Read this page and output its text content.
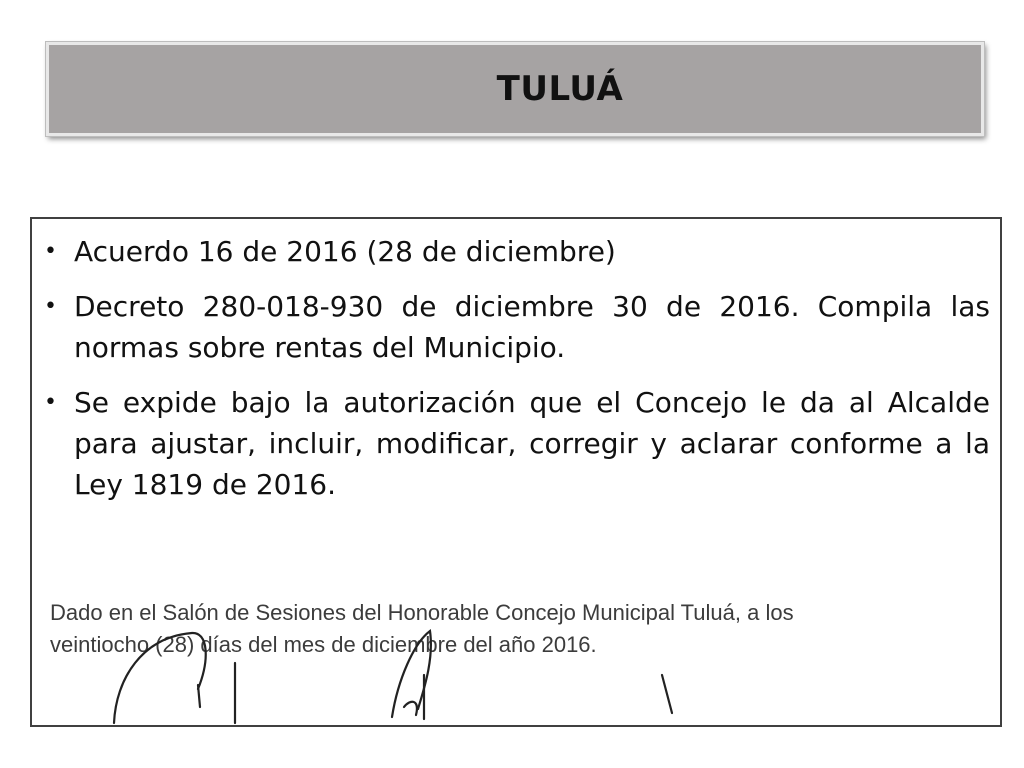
TULUÁ
• Acuerdo 16 de 2016 (28 de diciembre)
• Decreto 280-018-930 de diciembre 30 de 2016. Compila las normas sobre rentas del Municipio.
• Se expide bajo la autorización que el Concejo le da al Alcalde para ajustar, incluir, modificar, corregir y aclarar conforme a la Ley 1819 de 2016.
Dado en el Salón de Sesiones del Honorable Concejo Municipal Tuluá, a los
veintiocho (28) días del mes de diciembre del año 2016.
